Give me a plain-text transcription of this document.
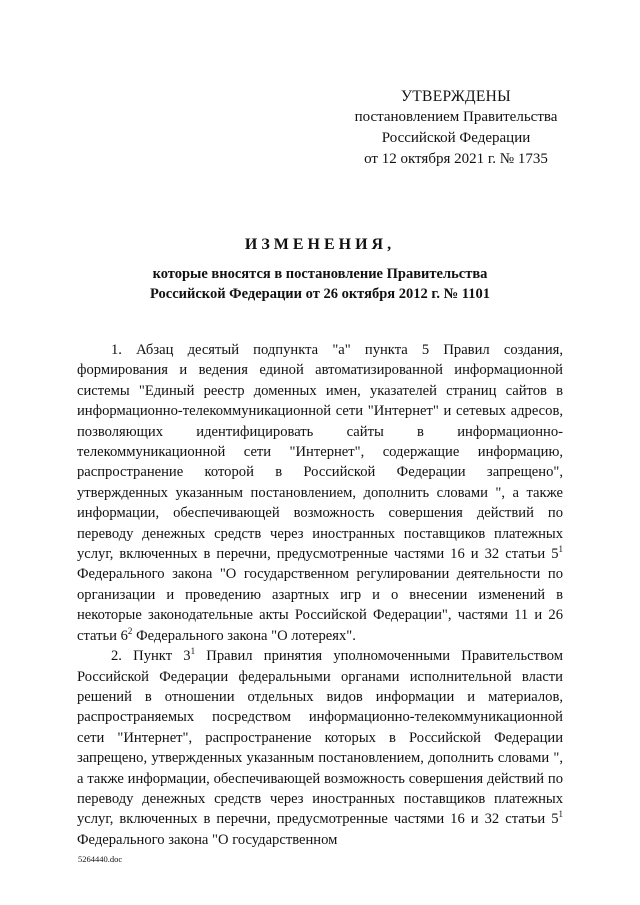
УТВЕРЖДЕНЫ
постановлением Правительства
Российской Федерации
от 12 октября 2021 г. № 1735
ИЗМЕНЕНИЯ,
которые вносятся в постановление Правительства
Российской Федерации от 26 октября 2012 г. № 1101

1. Абзац десятый подпункта "а" пункта 5 Правил создания, формирования и ведения единой автоматизированной информационной системы "Единый реестр доменных имен, указателей страниц сайтов в информационно-телекоммуникационной сети "Интернет" и сетевых адресов, позволяющих идентифицировать сайты в информационно-телекоммуникационной сети "Интернет", содержащие информацию, распространение которой в Российской Федерации запрещено", утвержденных указанным постановлением, дополнить словами ", а также информации, обеспечивающей возможность совершения действий по переводу денежных средств через иностранных поставщиков платежных услуг, включенных в перечни, предусмотренные частями 16 и 32 статьи $5^1$ Федерального закона "О государственном регулировании деятельности по организации и проведению азартных игр и о внесении изменений в некоторые законодательные акты Российской Федерации", частями 11 и 26 статьи $6^2$ Федерального закона "О лотереях".

2. Пункт $3^1$ Правил принятия уполномоченными Правительством Российской Федерации федеральными органами исполнительной власти решений в отношении отдельных видов информации и материалов, распространяемых посредством информационно-телекоммуникационной сети "Интернет", распространение которых в Российской Федерации запрещено, утвержденных указанным постановлением, дополнить словами ", а также информации, обеспечивающей возможность совершения действий по переводу денежных средств через иностранных поставщиков платежных услуг, включенных в перечни, предусмотренные частями 16 и 32 статьи $5^1$ Федерального закона "О государственном

5264440.doc
